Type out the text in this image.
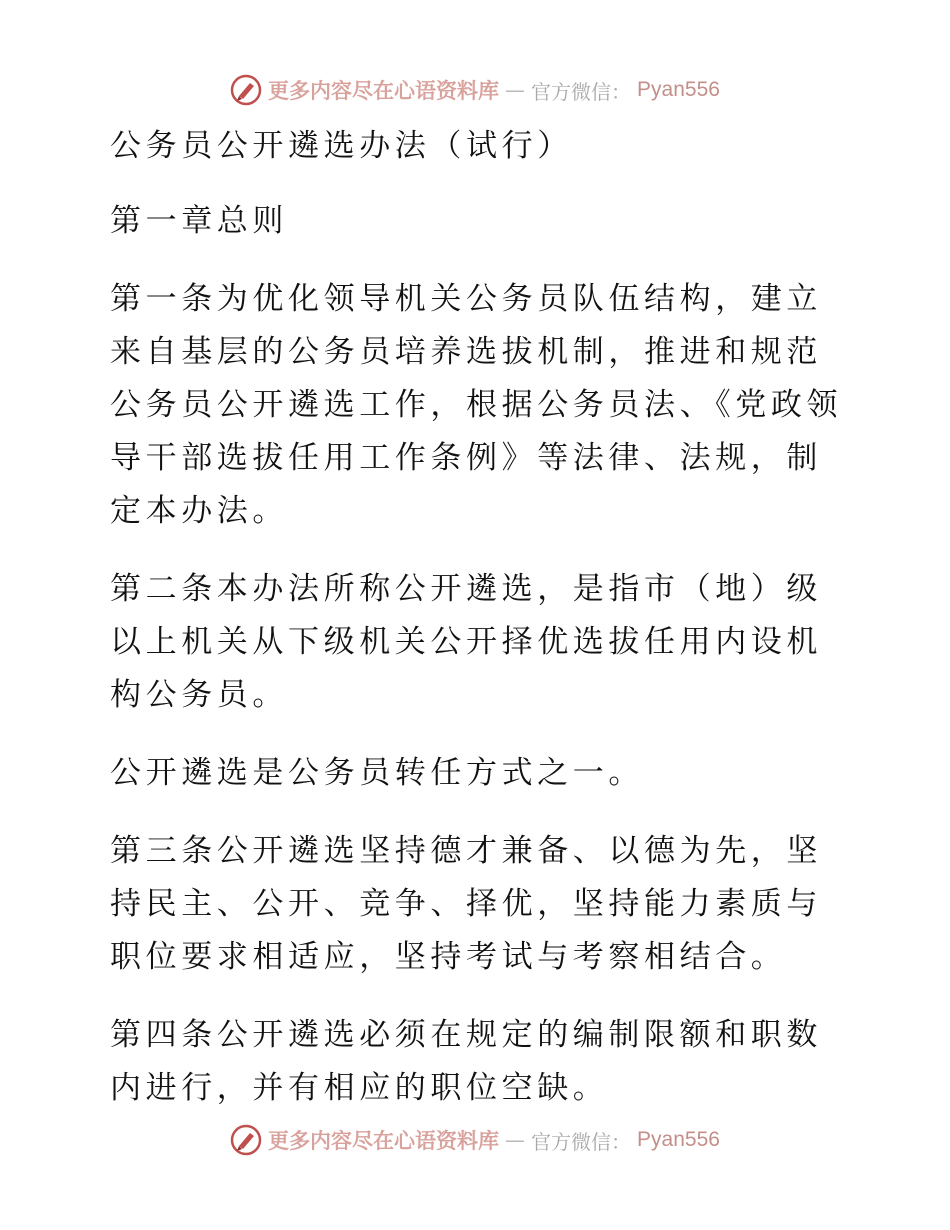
更多内容尽在心语资料库 — 官方微信： Pyan556

公务员公开遴选办法（试行）

第一章总则

第一条为优化领导机关公务员队伍结构，建立来自基层的公务员培养选拔机制，推进和规范公务员公开遴选工作，根据公务员法、《党政领导干部选拔任用工作条例》等法律、法规，制定本办法。

第二条本办法所称公开遴选，是指市（地）级以上机关从下级机关公开择优选拔任用内设机构公务员。

公开遴选是公务员转任方式之一。

第三条公开遴选坚持德才兼备、以德为先，坚持民主、公开、竞争、择优，坚持能力素质与职位要求相适应，坚持考试与考察相结合。

第四条公开遴选必须在规定的编制限额和职数内进行，并有相应的职位空缺。

更多内容尽在心语资料库 — 官方微信： Pyan556
